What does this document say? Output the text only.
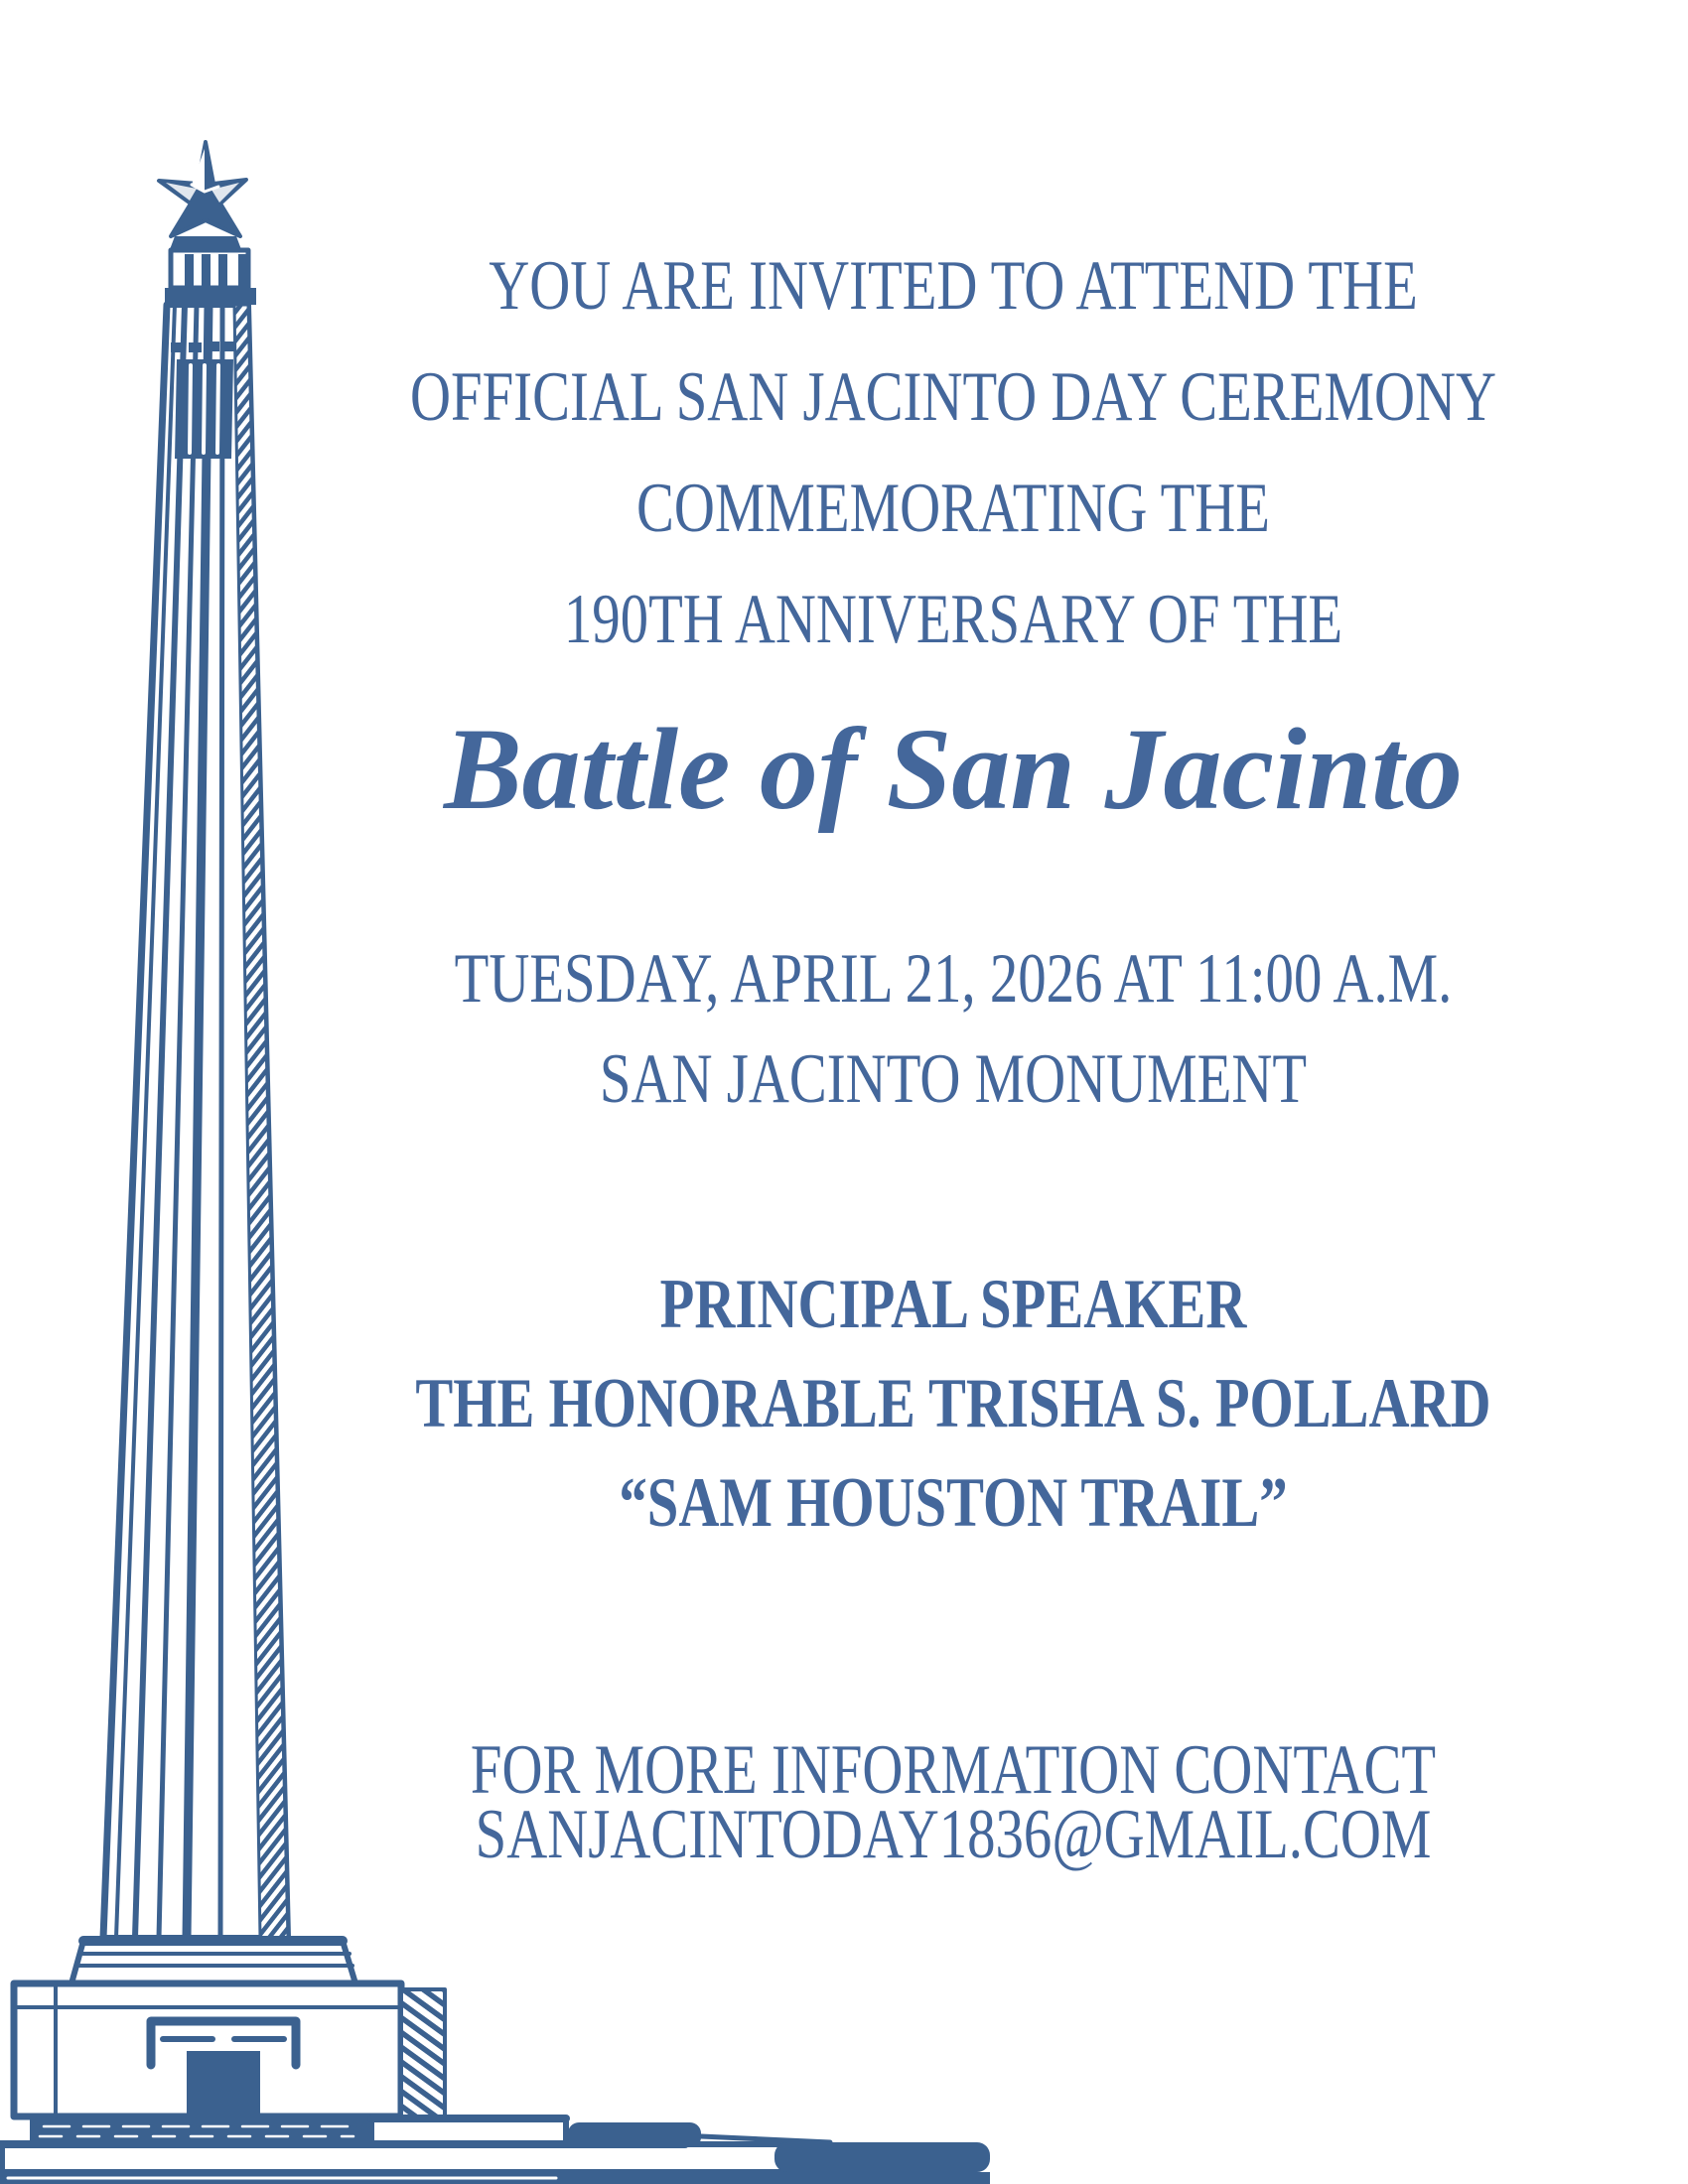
YOU ARE INVITED TO ATTEND THE
OFFICIAL SAN JACINTO DAY CEREMONY
COMMEMORATING THE
190TH ANNIVERSARY OF THE
Battle of San Jacinto
TUESDAY, APRIL 21, 2026 AT 11:00 A.M.
SAN JACINTO MONUMENT
PRINCIPAL SPEAKER
THE HONORABLE TRISHA S. POLLARD
“SAM HOUSTON TRAIL”
FOR MORE INFORMATION CONTACT
SANJACINTODAY1836@GMAIL.COM
